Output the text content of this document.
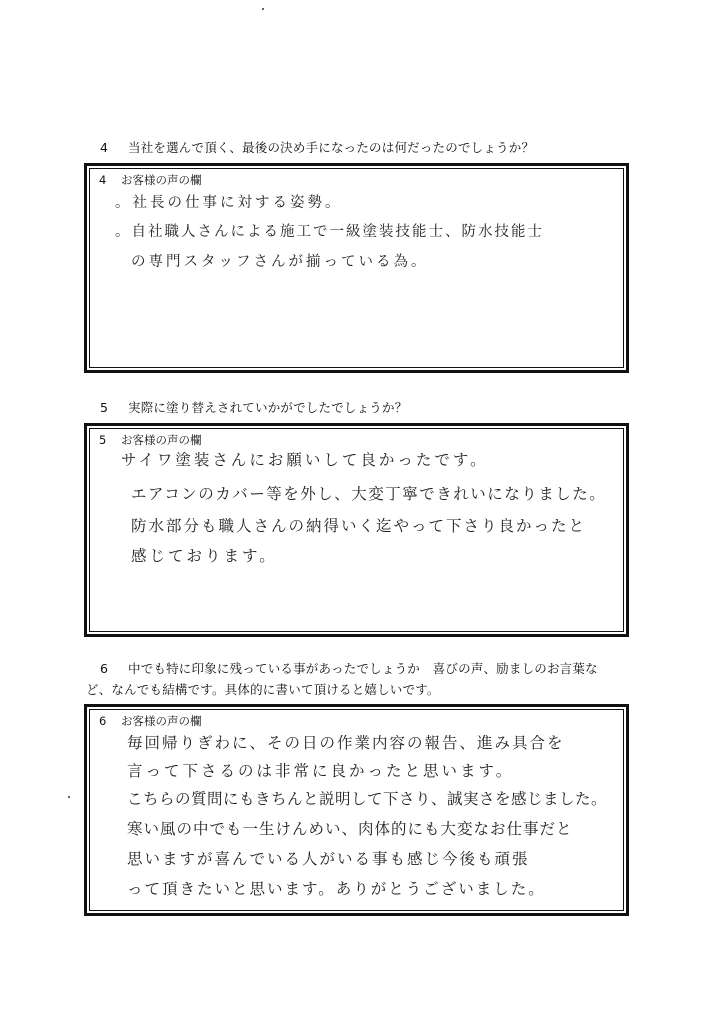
4 当社を選んで頂く、最後の決め手になったのは何だったのでしょうか？
4 お客様の声の欄
。社長の仕事に対する姿勢。
。自社職人さんによる施工で一級塗装技能士、防水技能士
の専門スタッフさんが揃っている為。
5 実際に塗り替えされていかがでしたでしょうか？
5 お客様の声の欄
サイワ塗装さんにお願いして良かったです。
エアコンのカバー等を外し、大変丁寧できれいになりました。
防水部分も職人さんの納得いく迄やって下さり良かったと
感じております。
6 中でも特に印象に残っている事があったでしょうか　喜びの声、励ましのお言葉な
ど、なんでも結構です。具体的に書いて頂けると嬉しいです。
6 お客様の声の欄
毎回帰りぎわに、その日の作業内容の報告、進み具合を
言って下さるのは非常に良かったと思います。
こちらの質問にもきちんと説明して下さり、誠実さを感じました。
寒い風の中でも一生けんめい、肉体的にも大変なお仕事だと
思いますが喜んでいる人がいる事も感じ今後も頑張
って頂きたいと思います。ありがとうございました。
